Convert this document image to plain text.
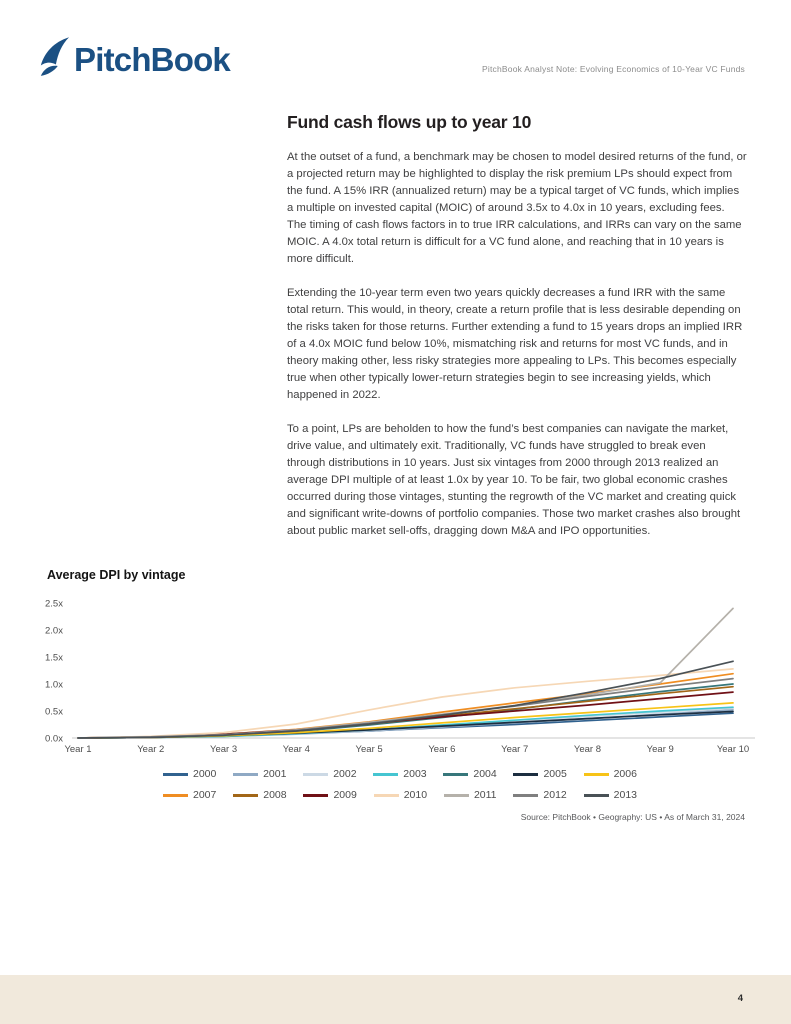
PitchBook	PitchBook Analyst Note: Evolving Economics of 10-Year VC Funds
Fund cash flows up to year 10

At the outset of a fund, a benchmark may be chosen to model desired returns of the fund, or a projected return may be highlighted to display the risk premium LPs should expect from the fund. A 15% IRR (annualized return) may be a typical target of VC funds, which implies a multiple on invested capital (MOIC) of around 3.5x to 4.0x in 10 years, excluding fees. The timing of cash flows factors in to true IRR calculations, and IRRs can vary on the same MOIC. A 4.0x total return is difficult for a VC fund alone, and reaching that in 10 years is more difficult.

Extending the 10-year term even two years quickly decreases a fund IRR with the same total return. This would, in theory, create a return profile that is less desirable depending on the risks taken for those returns. Further extending a fund to 15 years drops an implied IRR of a 4.0x MOIC fund below 10%, mismatching risk and returns for most VC funds, and in theory making other, less risky strategies more appealing to LPs. This becomes especially true when other typically lower-return strategies begin to see increasing yields, which happened in 2022.

To a point, LPs are beholden to how the fund’s best companies can navigate the market, drive value, and ultimately exit. Traditionally, VC funds have struggled to break even through distributions in 10 years. Just six vintages from 2000 through 2013 realized an average DPI multiple of at least 1.0x by year 10. To be fair, two global economic crashes occurred during those vintages, stunting the regrowth of the VC market and creating quick and significant write-downs of portfolio companies. Those two market crashes also brought about public market sell-offs, dragging down M&A and IPO opportunities.

Average DPI by vintage
0.0x
0.5x
1.0x
1.5x
2.0x
2.5x
Year 1	Year 2	Year 3	Year 4	Year 5	Year 6	Year 7	Year 8	Year 9	Year 10
2000	2001	2002	2003	2004	2005	2006
2007	2008	2009	2010	2011	2012	2013
Source: PitchBook • Geography: US • As of March 31, 2024
4
